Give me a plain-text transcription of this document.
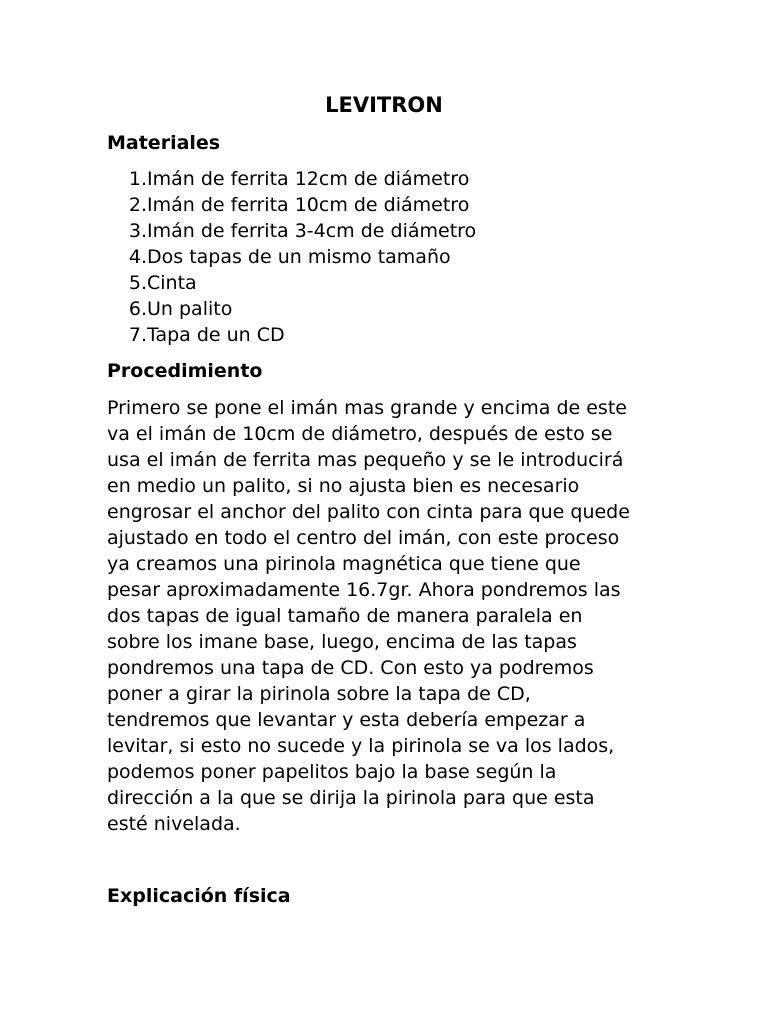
LEVITRON
Materiales
1. Imán de ferrita 12cm de diámetro
2. Imán de ferrita 10cm de diámetro
3. Imán de ferrita 3-4cm de diámetro
4. Dos tapas de un mismo tamaño
5. Cinta
6. Un palito
7. Tapa de un CD
Procedimiento
Primero se pone el imán mas grande y encima de este
va el imán de 10cm de diámetro, después de esto se
usa el imán de ferrita mas pequeño y se le introducirá
en medio un palito, si no ajusta bien es necesario
engrosar el anchor del palito con cinta para que quede
ajustado en todo el centro del imán, con este proceso
ya creamos una pirinola magnética que tiene que
pesar aproximadamente 16.7gr. Ahora pondremos las
dos tapas de igual tamaño de manera paralela en
sobre los imane base, luego, encima de las tapas
pondremos una tapa de CD. Con esto ya podremos
poner a girar la pirinola sobre la tapa de CD,
tendremos que levantar y esta debería empezar a
levitar, si esto no sucede y la pirinola se va los lados,
podemos poner papelitos bajo la base según la
dirección a la que se dirija la pirinola para que esta
esté nivelada.
Explicación física
